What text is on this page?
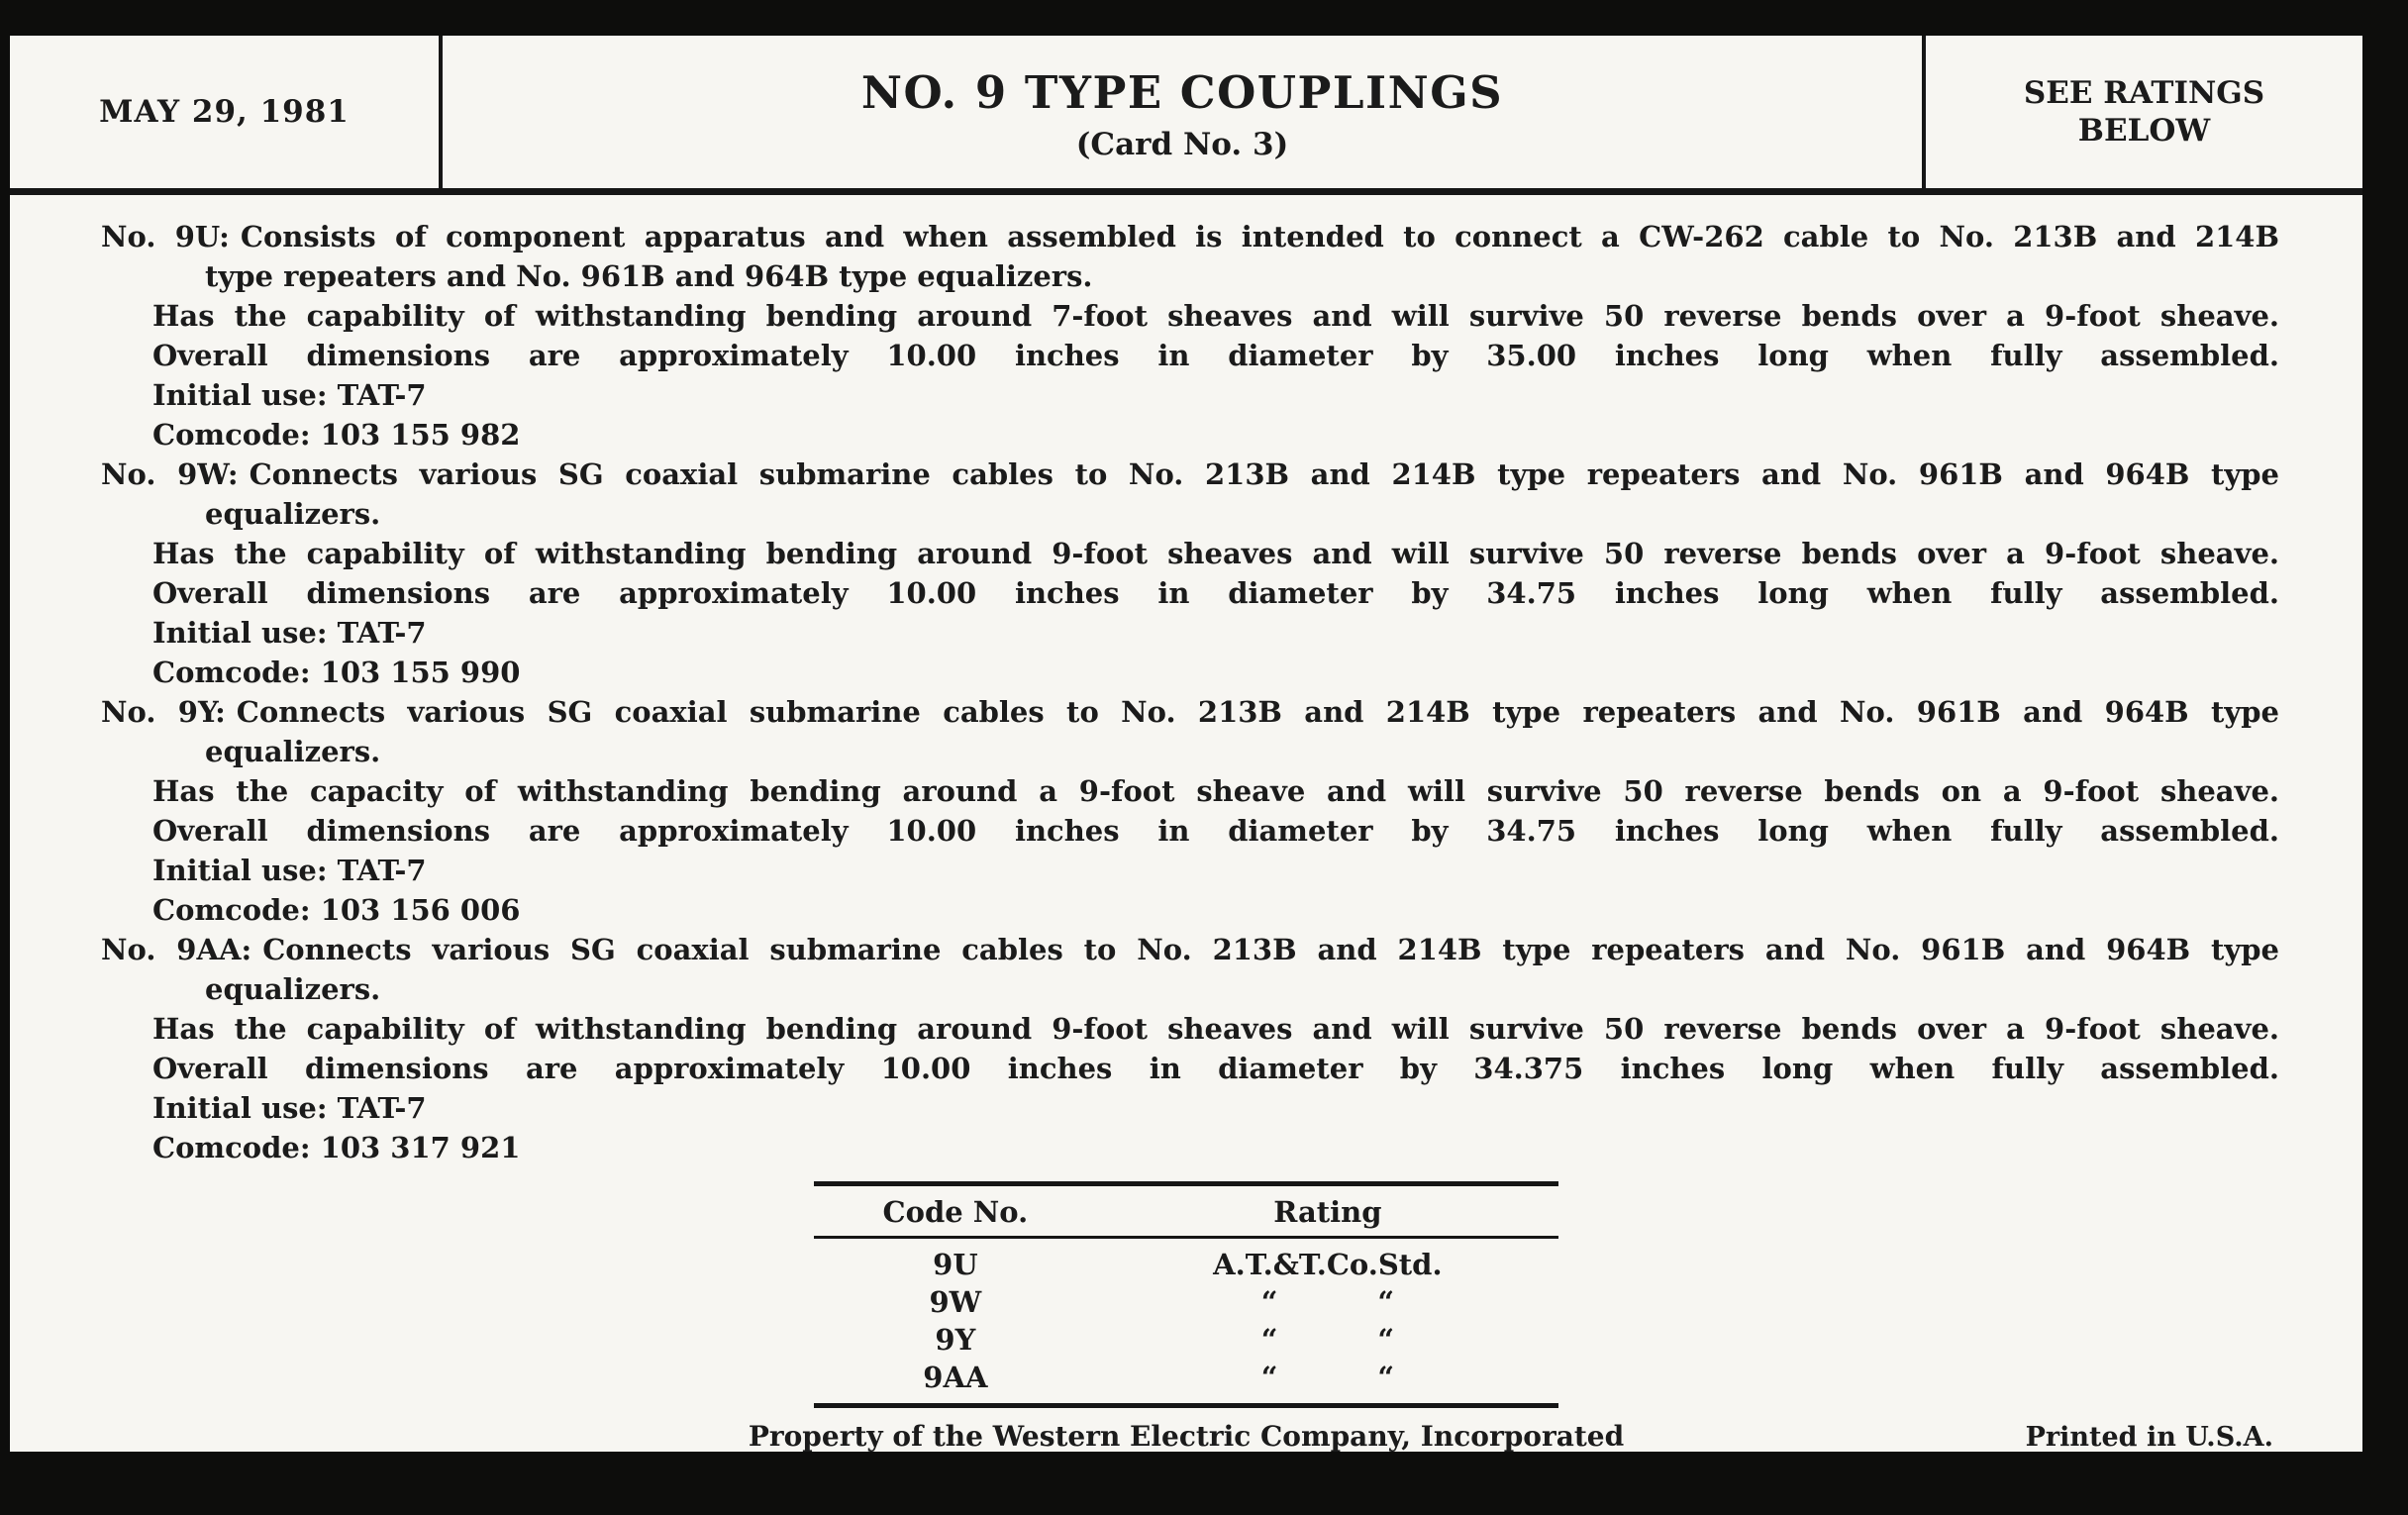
MAY 29, 1981	NO. 9 TYPE COUPLINGS
(Card No. 3)
SEE RATINGS
BELOW

No. 9U: Consists of component apparatus and when assembled is intended to connect a CW-262 cable to No. 213B and 214B

type repeaters and No. 961B and 964B type equalizers.

Has the capability of withstanding bending around 7-foot sheaves and will survive 50 reverse bends over a 9-foot sheave.

Overall dimensions are approximately 10.00 inches in diameter by 35.00 inches long when fully assembled.

Initial use: TAT-7

Comcode: 103 155 982

No. 9W: Connects various SG coaxial submarine cables to No. 213B and 214B type repeaters and No. 961B and 964B type

equalizers.

Has the capability of withstanding bending around 9-foot sheaves and will survive 50 reverse bends over a 9-foot sheave.

Overall dimensions are approximately 10.00 inches in diameter by 34.75 inches long when fully assembled.

Initial use: TAT-7

Comcode: 103 155 990

No. 9Y: Connects various SG coaxial submarine cables to No. 213B and 214B type repeaters and No. 961B and 964B type

equalizers.

Has the capacity of withstanding bending around a 9-foot sheave and will survive 50 reverse bends on a 9-foot sheave.

Overall dimensions are approximately 10.00 inches in diameter by 34.75 inches long when fully assembled.

Initial use: TAT-7

Comcode: 103 156 006

No. 9AA: Connects various SG coaxial submarine cables to No. 213B and 214B type repeaters and No. 961B and 964B type

equalizers.

Has the capability of withstanding bending around 9-foot sheaves and will survive 50 reverse bends over a 9-foot sheave.

Overall dimensions are approximately 10.00 inches in diameter by 34.375 inches long when fully assembled.

Initial use: TAT-7

Comcode: 103 317 921

Code No.	Rating
9U	A.T.&T.Co.Std.
9W	“          “
9Y	“          “
9AA	“          “
Property of the Western Electric Company, Incorporated	Printed in U.S.A.
